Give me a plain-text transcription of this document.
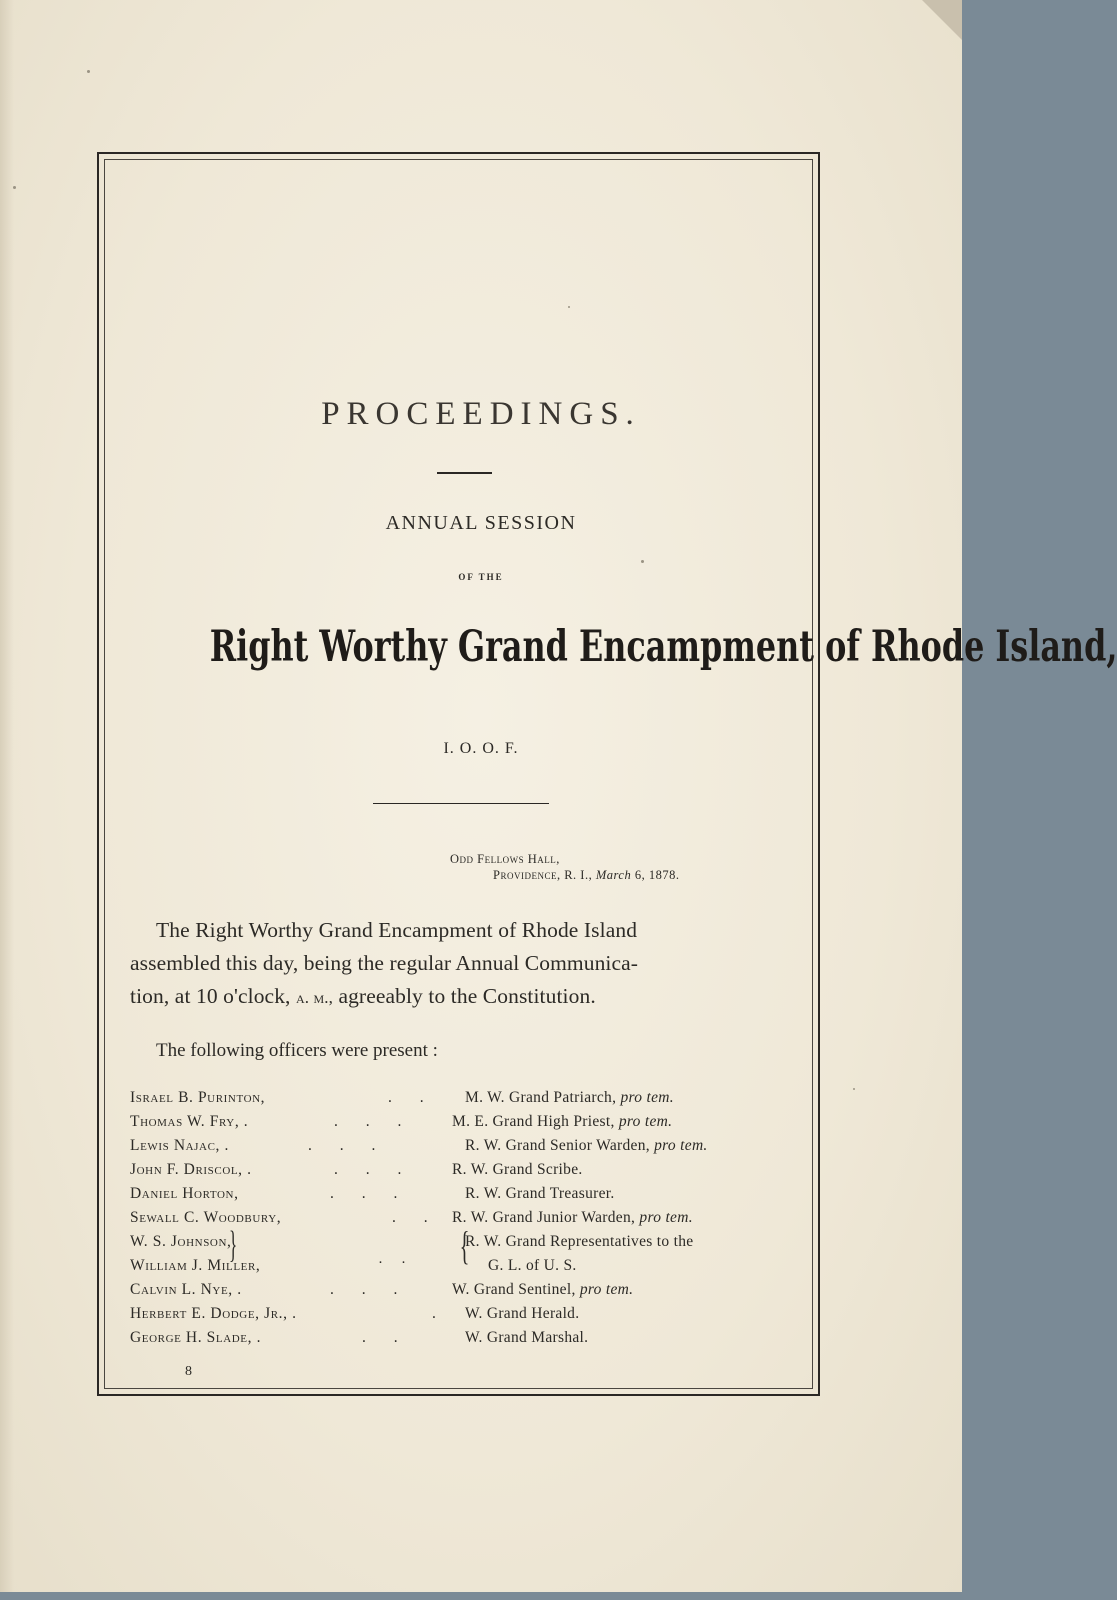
PROCEEDINGS.
ANNUAL SESSION
OF THE
Right Worthy Grand Encampment of Rhode Island,
I. O. O. F.
Odd Fellows Hall,
Providence, R. I., March 6, 1878.
The Right Worthy Grand Encampment of Rhode Island
assembled this day, being the regular Annual Communica-
tion, at 10 o'clock, a. m., agreeably to the Constitution.
The following officers were present :
Israel B. Purinton,	. . M. W. Grand Patriarch, pro tem.
Thomas W. Fry, .	. . . M. E. Grand High Priest, pro tem.
Lewis Najac, .	. . .	R. W. Grand Senior Warden, pro tem.
John F. Driscol, .	. . . R. W. Grand Scribe.
Daniel Horton,	. . .	R. W. Grand Treasurer.
Sewall C. Woodbury,	. . R. W. Grand Junior Warden, pro tem.
W. S. Johnson,	R. W. Grand Representatives to the
William J. Miller,	G. L. of U. S.
Calvin L. Nye, .	. . .	W. Grand Sentinel, pro tem.
Herbert E. Dodge, Jr., .	. W. Grand Herald.
George H. Slade, .	. .	W. Grand Marshal.
}	·· {
8
